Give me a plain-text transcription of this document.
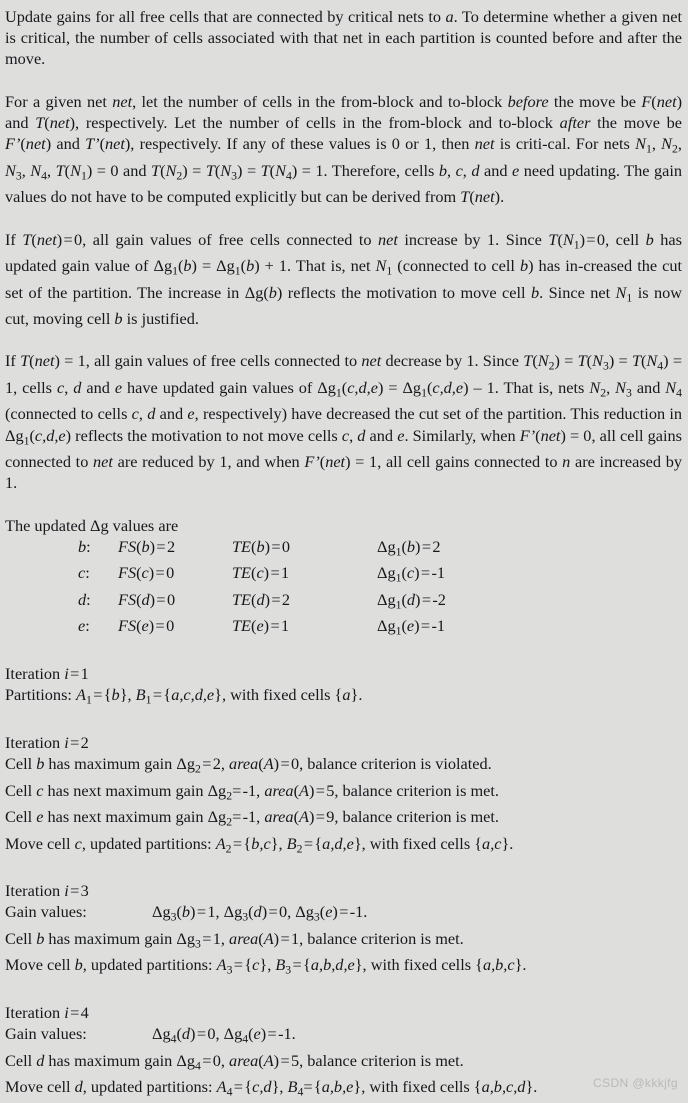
Update gains for all free cells that are connected by critical nets to a. To determine whether a given net is critical, the number of cells associated with that net in each partition is counted before and after the move.

For a given net net, let the number of cells in the from-block and to-block before the move be F(net) and T(net), respectively. Let the number of cells in the from-block and to-block after the move be F’(net) and T’(net), respectively. If any of these values is 0 or 1, then net is criti-cal. For nets $N_1$, $N_2$, $N_3$, $N_4$, $T(N_1) = 0$ and $T(N_2) = T(N_3) = T(N_4) = 1$. Therefore, cells b, c, d and e need updating. The gain values do not have to be computed explicitly but can be derived from T(net).

If T(net) = 0, all gain values of free cells connected to net increase by 1. Since $T(N_1)$ = 0, cell b has updated gain value of $\Delta g_1(b) = \Delta g_1(b) + 1$. That is, net $N_1$ (connected to cell b) has in-creased the cut set of the partition. The increase in Δg(b) reflects the motivation to move cell b. Since net $N_1$ is now cut, moving cell b is justified.

If T(net) = 1, all gain values of free cells connected to net decrease by 1. Since $T(N_2) = T(N_3) = T(N_4) = 1$, cells c, d and e have updated gain values of $\Delta g_1(c,d,e) = \Delta g_1(c,d,e) - 1$. That is, nets $N_2$, $N_3$ and $N_4$ (connected to cells c, d and e, respectively) have decreased the cut set of the partition. This reduction in $\Delta g_1(c,d,e)$ reflects the motivation to not move cells c, d and e. Similarly, when F’(net) = 0, all cell gains connected to net are reduced by 1, and when F’(net) = 1, all cell gains connected to n are increased by 1.

The updated Δg values are

b:	FS(b) = 2	TE(b) = 0	$\Delta g_1(b)$ = 2
c:	FS(c) = 0	TE(c) = 1	$\Delta g_1(c)$ = -1
d:	FS(d) = 0	TE(d) = 2	$\Delta g_1(d)$ = -2
e:	FS(e) = 0	TE(e) = 1	$\Delta g_1(e)$ = -1

Iteration i = 1

Partitions: $A_1$ = {b}, $B_1$ = {a,c,d,e}, with fixed cells {a}.

Iteration i = 2

Cell b has maximum gain $\Delta g_2$ = 2, area(A) = 0, balance criterion is violated.

Cell c has next maximum gain $\Delta g_2=$ -1, area(A) = 5, balance criterion is met.

Cell e has next maximum gain $\Delta g_2=$ -1, area(A) = 9, balance criterion is met.

Move cell c, updated partitions: $A_2$ = {b,c}, $B_2$ = {a,d,e}, with fixed cells {a,c}.

Iteration i = 3

Gain values:	$\Delta g_3(b)$ = 1, $\Delta g_3(d)$ = 0, $\Delta g_3(e)$ = -1.

Cell b has maximum gain $\Delta g_3$ = 1, area(A) = 1, balance criterion is met.

Move cell b, updated partitions: $A_3$ = {c}, $B_3$ = {a,b,d,e}, with fixed cells {a,b,c}.

Iteration i = 4

Gain values:	$\Delta g_4(d)$ = 0, $\Delta g_4(e)$ = -1.

Cell d has maximum gain $\Delta g_4$ = 0, area(A) = 5, balance criterion is met.

Move cell d, updated partitions: $A_4$ = {c,d}, $B_4=$ {a,b,e}, with fixed cells {a,b,c,d}.	CSDN @kkkjfg
